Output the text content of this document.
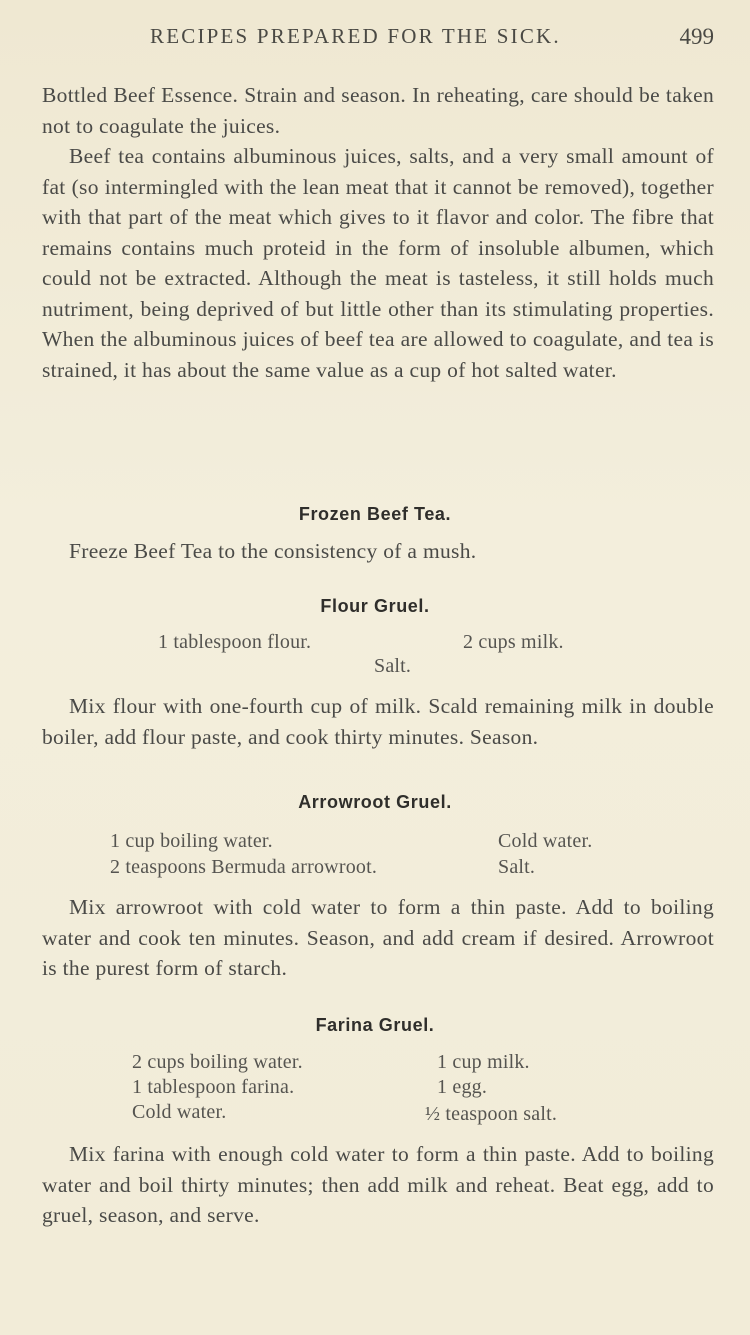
RECIPES PREPARED FOR THE SICK.	499

Bottled Beef Essence. Strain and season. In reheating, care should be taken not to coagulate the juices.

Beef tea contains albuminous juices, salts, and a very small amount of fat (so intermingled with the lean meat that it cannot be removed), together with that part of the meat which gives to it flavor and color. The fibre that remains contains much proteid in the form of insoluble albumen, which could not be extracted. Although the meat is tasteless, it still holds much nutriment, being deprived of but little other than its stimulating properties. When the albuminous juices of beef tea are allowed to coagulate, and tea is strained, it has about the same value as a cup of hot salted water.

Frozen Beef Tea.

Freeze Beef Tea to the consistency of a mush.

Flour Gruel.
1 tablespoon flour.	2 cups milk.
Salt.

Mix flour with one-fourth cup of milk. Scald remaining milk in double boiler, add flour paste, and cook thirty minutes. Season.

Arrowroot Gruel.
1 cup boiling water.
2 teaspoons Bermuda arrowroot.
Cold water.
Salt.

Mix arrowroot with cold water to form a thin paste. Add to boiling water and cook ten minutes. Season, and add cream if desired. Arrowroot is the purest form of starch.

Farina Gruel.
2 cups boiling water.
1 tablespoon farina.
Cold water.
1 cup milk.
1 egg.
½ teaspoon salt.

Mix farina with enough cold water to form a thin paste. Add to boiling water and boil thirty minutes; then add milk and reheat. Beat egg, add to gruel, season, and serve.
